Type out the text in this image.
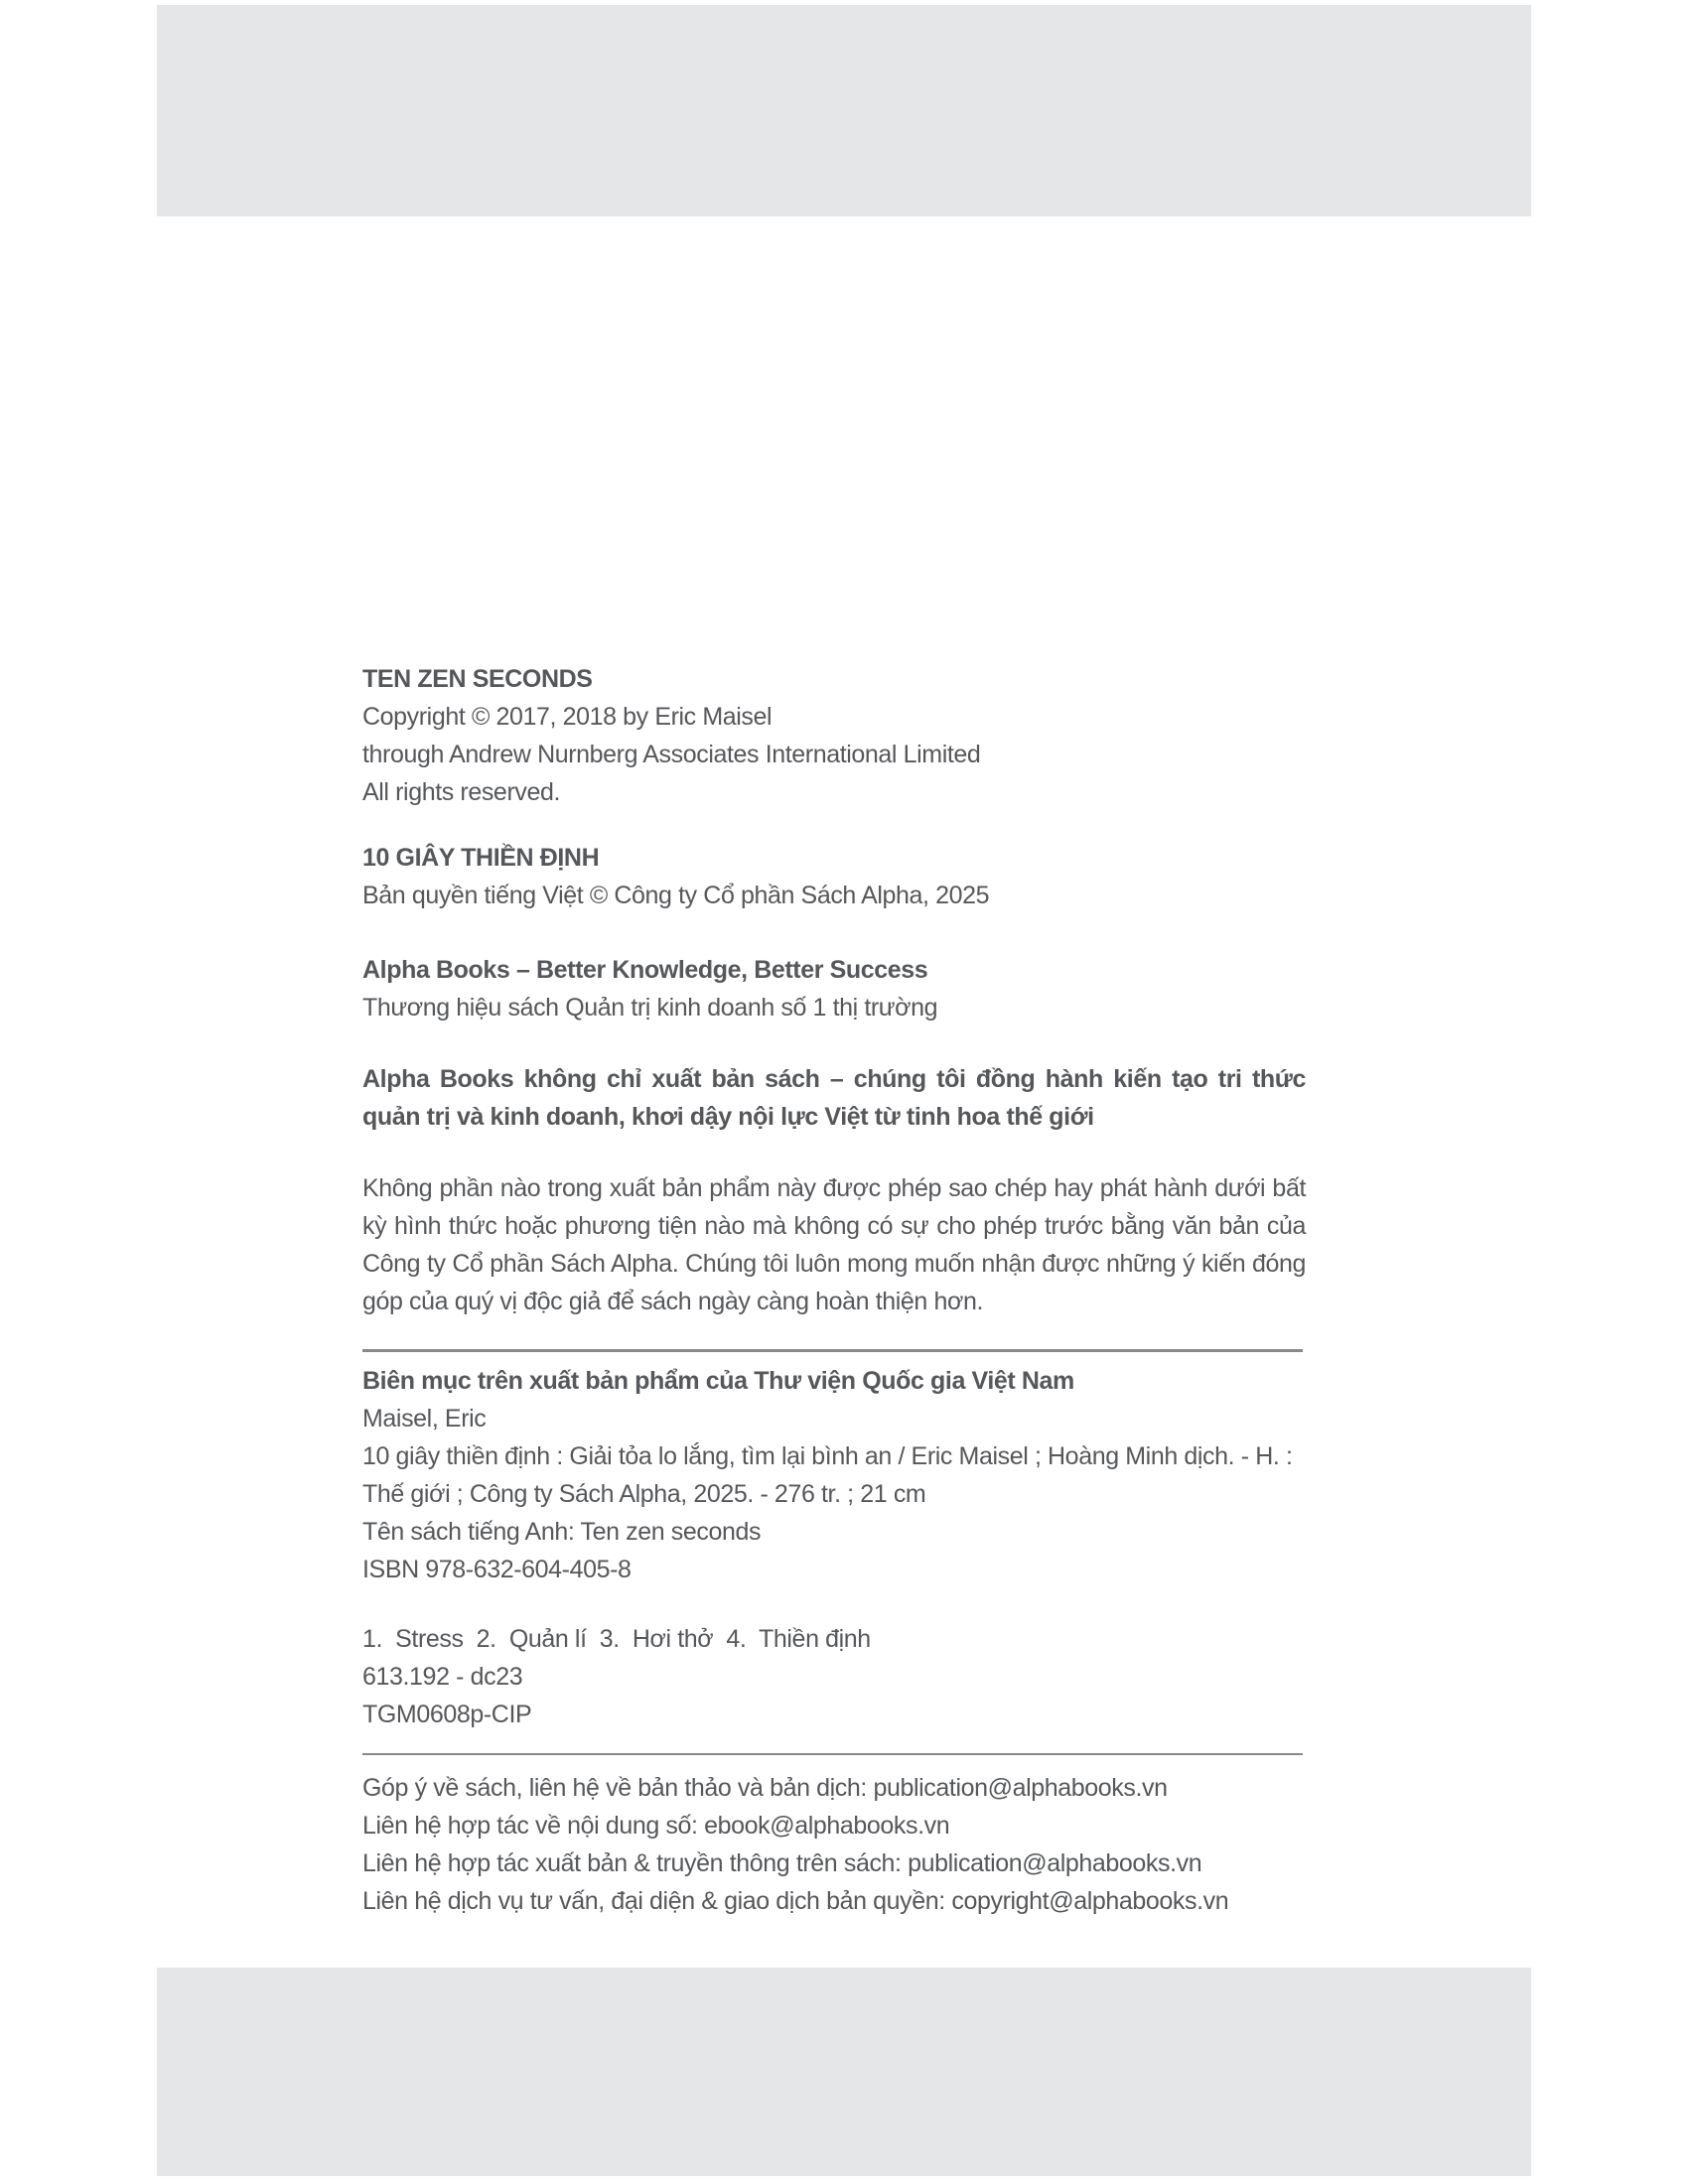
TEN ZEN SECONDS
Copyright © 2017, 2018 by Eric Maisel
through Andrew Nurnberg Associates International Limited
All rights reserved.
10 GIÂY THIỀN ĐỊNH
Bản quyền tiếng Việt © Công ty Cổ phần Sách Alpha, 2025
Alpha Books – Better Knowledge, Better Success
Thương hiệu sách Quản trị kinh doanh số 1 thị trường
Alpha Books không chỉ xuất bản sách – chúng tôi đồng hành kiến tạo tri thức quản trị và kinh doanh, khơi dậy nội lực Việt từ tinh hoa thế giới
Không phần nào trong xuất bản phẩm này được phép sao chép hay phát hành dưới bất kỳ hình thức hoặc phương tiện nào mà không có sự cho phép trước bằng văn bản của Công ty Cổ phần Sách Alpha. Chúng tôi luôn mong muốn nhận được những ý kiến đóng góp của quý vị độc giả để sách ngày càng hoàn thiện hơn.
Biên mục trên xuất bản phẩm của Thư viện Quốc gia Việt Nam
Maisel, Eric
10 giây thiền định : Giải tỏa lo lắng, tìm lại bình an / Eric Maisel ; Hoàng Minh dịch. - H. : Thế giới ; Công ty Sách Alpha, 2025. - 276 tr. ; 21 cm
Tên sách tiếng Anh: Ten zen seconds
ISBN 978-632-604-405-8
1.  Stress  2.  Quản lí  3.  Hơi thở  4.  Thiền định
613.192 - dc23
TGM0608p-CIP
Góp ý về sách, liên hệ về bản thảo và bản dịch: publication@alphabooks.vn
Liên hệ hợp tác về nội dung số: ebook@alphabooks.vn
Liên hệ hợp tác xuất bản & truyền thông trên sách: publication@alphabooks.vn
Liên hệ dịch vụ tư vấn, đại diện & giao dịch bản quyền: copyright@alphabooks.vn
